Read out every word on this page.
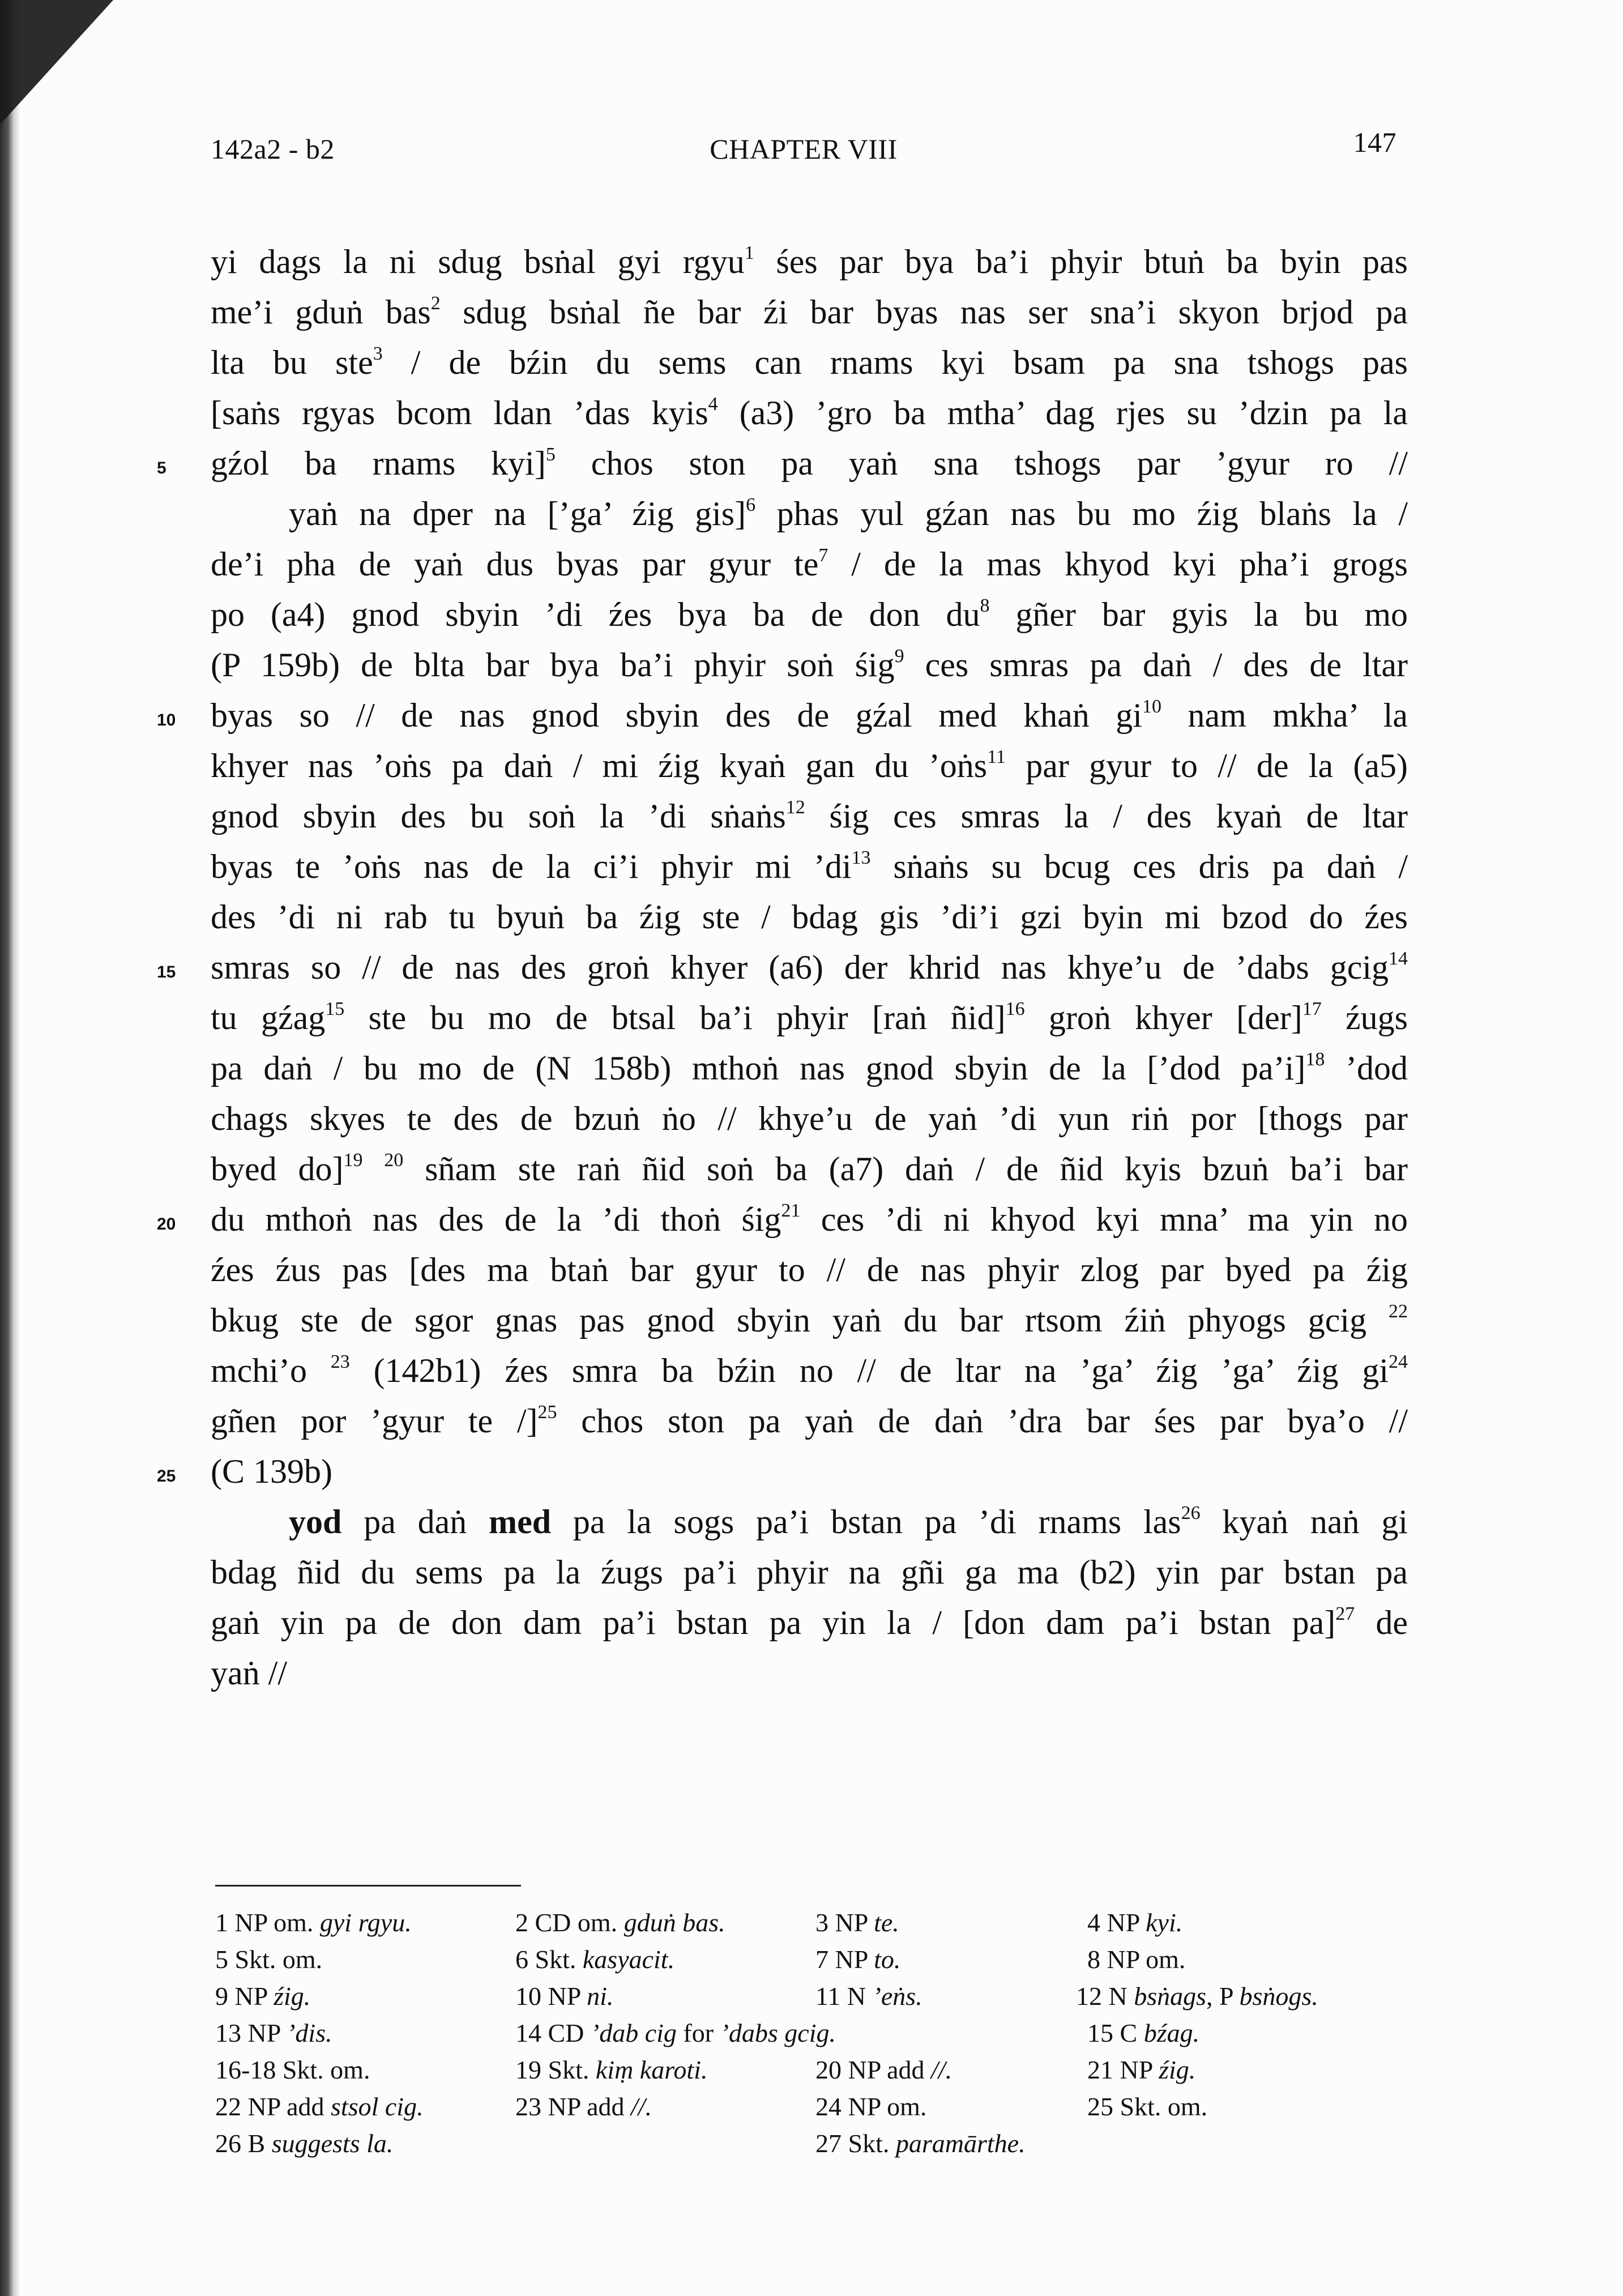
142a2 - b2	CHAPTER VIII	147
yi dags la ni sdug bsṅal gyi rgyu$^1$ śes par bya ba’i phyir btuṅ ba byin pas
me’i gduṅ bas$^2$ sdug bsṅal ñe bar źi bar byas nas ser sna’i skyon brjod pa
lta bu ste$^3$ / de bźin du sems can rnams kyi bsam pa sna tshogs pas
[saṅs rgyas bcom ldan ’das kyis$^4$ (a3) ’gro ba mtha’ dag rjes su ’dzin pa la
gźol ba rnams kyi]$^5$ chos ston pa yaṅ sna tshogs par ’gyur ro //
5
yaṅ na dper na [’ga’ źig gis]$^6$ phas yul gźan nas bu mo źig blaṅs la /
de’i pha de yaṅ dus byas par gyur $te^7$ / de la mas khyod kyi pha’i grogs
po (a4) gnod sbyin ’di źes bya ba de don $du^8$ gñer bar gyis la bu mo
(P 159b) de blta bar bya ba’i phyir soṅ śig$^9$ ces smras pa daṅ / des de ltar
byas so // de nas gnod sbyin des de gźal med khaṅ $gi^{10}$ nam mkha’ la
10
khyer nas ’oṅs pa daṅ / mi źig kyaṅ gan du ’oṅs$^{11}$ par gyur to // de la (a5)
gnod sbyin des bu soṅ la ’di sṅaṅs$^{12}$ śig ces smras la / des kyaṅ de ltar
byas te ’oṅs nas de la ci’i phyir mi $’di^{13}$ sṅaṅs su bcug ces dris pa daṅ /
des ’di ni rab tu byuṅ ba źig ste / bdag gis ’di’i gzi byin mi bzod do źes
smras so // de nas des groṅ khyer (a6) der khrid nas khye’u de ’dabs gcig$^{14}$
15
tu gźag$^{15}$ ste bu mo de btsal ba’i phyir [raṅ ñid]$^{16}$ groṅ khyer [der]$^{17}$ źugs
pa daṅ / bu mo de (N 158b) mthoṅ nas gnod sbyin de la [’dod pa’i]$^{18}$ ’dod
chags skyes te des de bzuṅ ṅo // khye’u de yaṅ ’di yun riṅ por [thogs par
byed do]$^{19}$ $^{20}$ sñam ste raṅ ñid soṅ ba (a7) daṅ / de ñid kyis bzuṅ ba’i bar
du mthoṅ nas des de la ’di thoṅ śig$^{21}$ ces ’di ni khyod kyi mna’ ma yin no
20
źes źus pas [des ma btaṅ bar gyur to // de nas phyir zlog par byed pa źig
bkug ste de sgor gnas pas gnod sbyin yaṅ du bar rtsom źiṅ phyogs gcig $^{22}$
mchi’o $^{23}$ (142b1) źes smra ba bźin no // de ltar na ’ga’ źig ’ga’ źig $gi^{24}$
gñen por ’gyur te /]$^{25}$ chos ston pa yaṅ de daṅ ’dra bar śes par bya’o //
(C 139b)
25
yod pa daṅ med pa la sogs pa’i bstan pa ’di rnams las$^{26}$ kyaṅ naṅ gi
bdag ñid du sems pa la źugs pa’i phyir na gñi ga ma (b2) yin par bstan pa
gaṅ yin pa de don dam pa’i bstan pa yin la / [don dam pa’i bstan pa]$^{27}$ de
yaṅ //
1 NP om. gyi rgyu.	2 CD om. gduṅ bas.	3 NP te.	4 NP kyi.
5 Skt. om.	6 Skt. kasyacit.	7 NP to.	8 NP om.
9 NP źig.	10 NP ni.	11 N ’eṅs.	12 N bsṅags, P bsṅogs.
13 NP ’dis.	14 CD ’dab cig for ’dabs gcig.	15 C bźag.
16-18 Skt. om.	19 Skt. kiṃ karoti.	20 NP add //.	21 NP źig.
22 NP add stsol cig.	23 NP add //.	24 NP om.	25 Skt. om.
26 B suggests la.	27 Skt. paramārthe.
